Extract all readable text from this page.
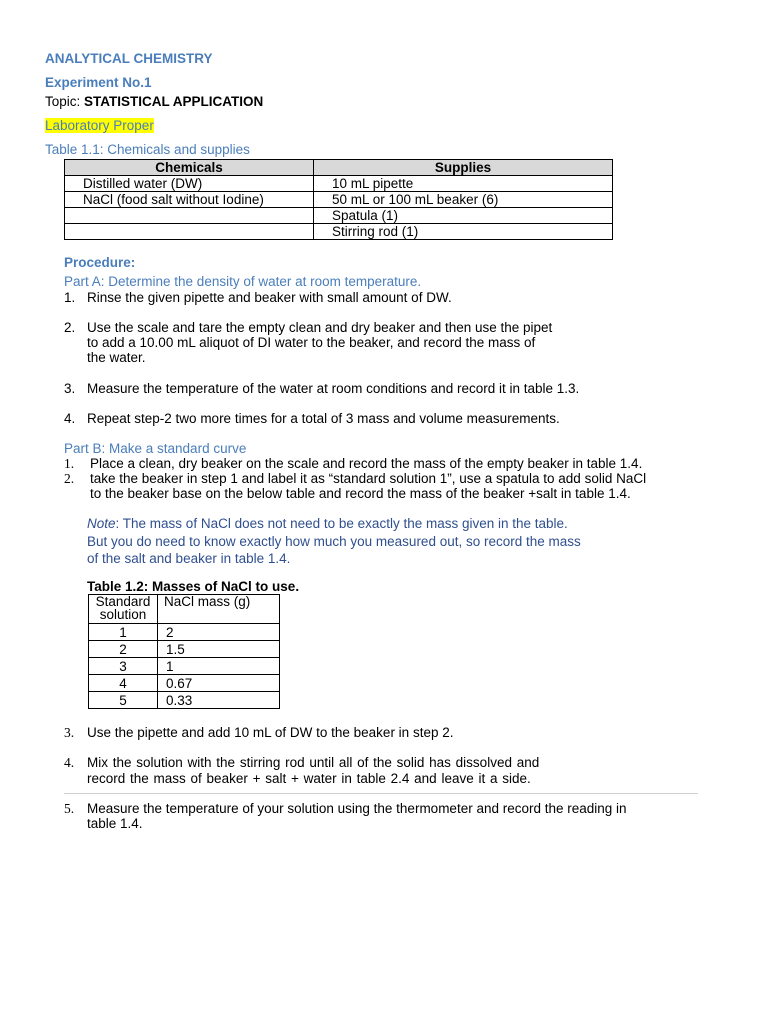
ANALYTICAL CHEMISTRY
Experiment No.1
Topic: STATISTICAL APPLICATION
Laboratory Proper
Table 1.1: Chemicals and supplies
Chemicals	Supplies
Distilled water (DW)	10 mL pipette
NaCl (food salt without Iodine)	50 mL or 100 mL beaker (6)
	Spatula (1)
	Stirring rod (1)
Procedure:
Part A: Determine the density of water at room temperature.
1. Rinse the given pipette and beaker with small amount of DW.
2. Use the scale and tare the empty clean and dry beaker and then use the pipet
to add a 10.00 mL aliquot of DI water to the beaker, and record the mass of
the water.
3. Measure the temperature of the water at room conditions and record it in table 1.3.
4. Repeat step-2 two more times for a total of 3 mass and volume measurements.
Part B: Make a standard curve
1. Place a clean, dry beaker on the scale and record the mass of the empty beaker in table 1.4.
2. take the beaker in step 1 and label it as “standard solution 1”, use a spatula to add solid NaCl
to the beaker base on the below table and record the mass of the beaker +salt in table 1.4.
Note: The mass of NaCl does not need to be exactly the mass given in the table.
But you do need to know exactly how much you measured out, so record the mass
of the salt and beaker in table 1.4.
Table 1.2: Masses of NaCl to use.
Standard
solution	NaCl mass (g)
1	2
2	1.5
3	1
4	0.67
5	0.33
3. Use the pipette and add 10 mL of DW to the beaker in step 2.
4. Mix the solution with the stirring rod until all of the solid has dissolved and
record the mass of beaker + salt + water in table 2.4 and leave it a side.
5. Measure the temperature of your solution using the thermometer and record the reading in
table 1.4.
